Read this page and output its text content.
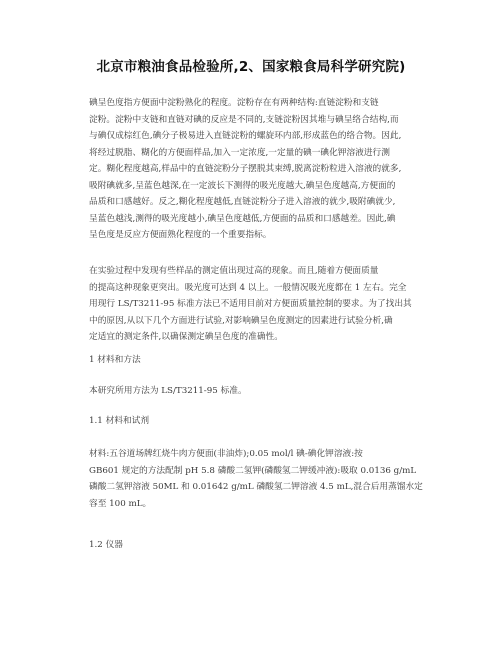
北京市粮油食品检验所,2、国家粮食局科学研究院)
碘呈色度指方便面中淀粉熟化的程度。淀粉存在有两种结构:直链淀粉和支链
淀粉。淀粉中支链和直链对碘的反应是不同的,支链淀粉因其堆与碘呈络合结构,而
与碘仅成棕红色,碘分子极易进入直链淀粉的螺旋环内部,形成蓝色的络合物。因此,
将经过脱脂、糊化的方便面样品,加入一定浓度,一定量的碘一碘化钾溶液进行测
定。糊化程度越高,样品中的直链淀粉分子摆脱其束缚,脱离淀粉粒进入溶液的就多,
吸附碘就多,呈蓝色越深,在一定波长下测得的吸光度越大,碘呈色度越高,方便面的
品质和口感越好。反之,糊化程度越低,直链淀粉分子进入溶液的就少,吸附碘就少,
呈蓝色越浅,测得的吸光度越小,碘呈色度越低,方便面的品质和口感越差。因此,碘
呈色度是反应方便面熟化程度的一个重要指标。
在实验过程中发现有些样品的测定值出现过高的现象。而且,随着方便面质量
的提高这种现象更突出。吸光度可达到 4 以上。一般情况吸光度都在 1 左右。完全
用现行 LS/T3211-95 标准方法已不适用目前对方便面质量控制的要求。为了找出其
中的原因,从以下几个方面进行试验,对影响碘呈色度测定的因素进行试验分析,确
定适宜的测定条件,以确保测定碘呈色度的准确性。
1 材料和方法
本研究所用方法为 LS/T3211-95 标准。
1.1 材料和试剂
材料:五谷道场牌红烧牛肉方便面(非油炸);0.05 mol/l 碘-碘化钾溶液:按
GB601 规定的方法配制 pH 5.8 磷酸二氢钾(磷酸氢二钾缓冲液):吸取 0.0136 g/mL
磷酸二氢钾溶液 50ML 和 0.01642 g/mL 磷酸氢二钾溶液 4.5 mL,混合后用蒸馏水定
容至 100 mL。
1.2 仪器
